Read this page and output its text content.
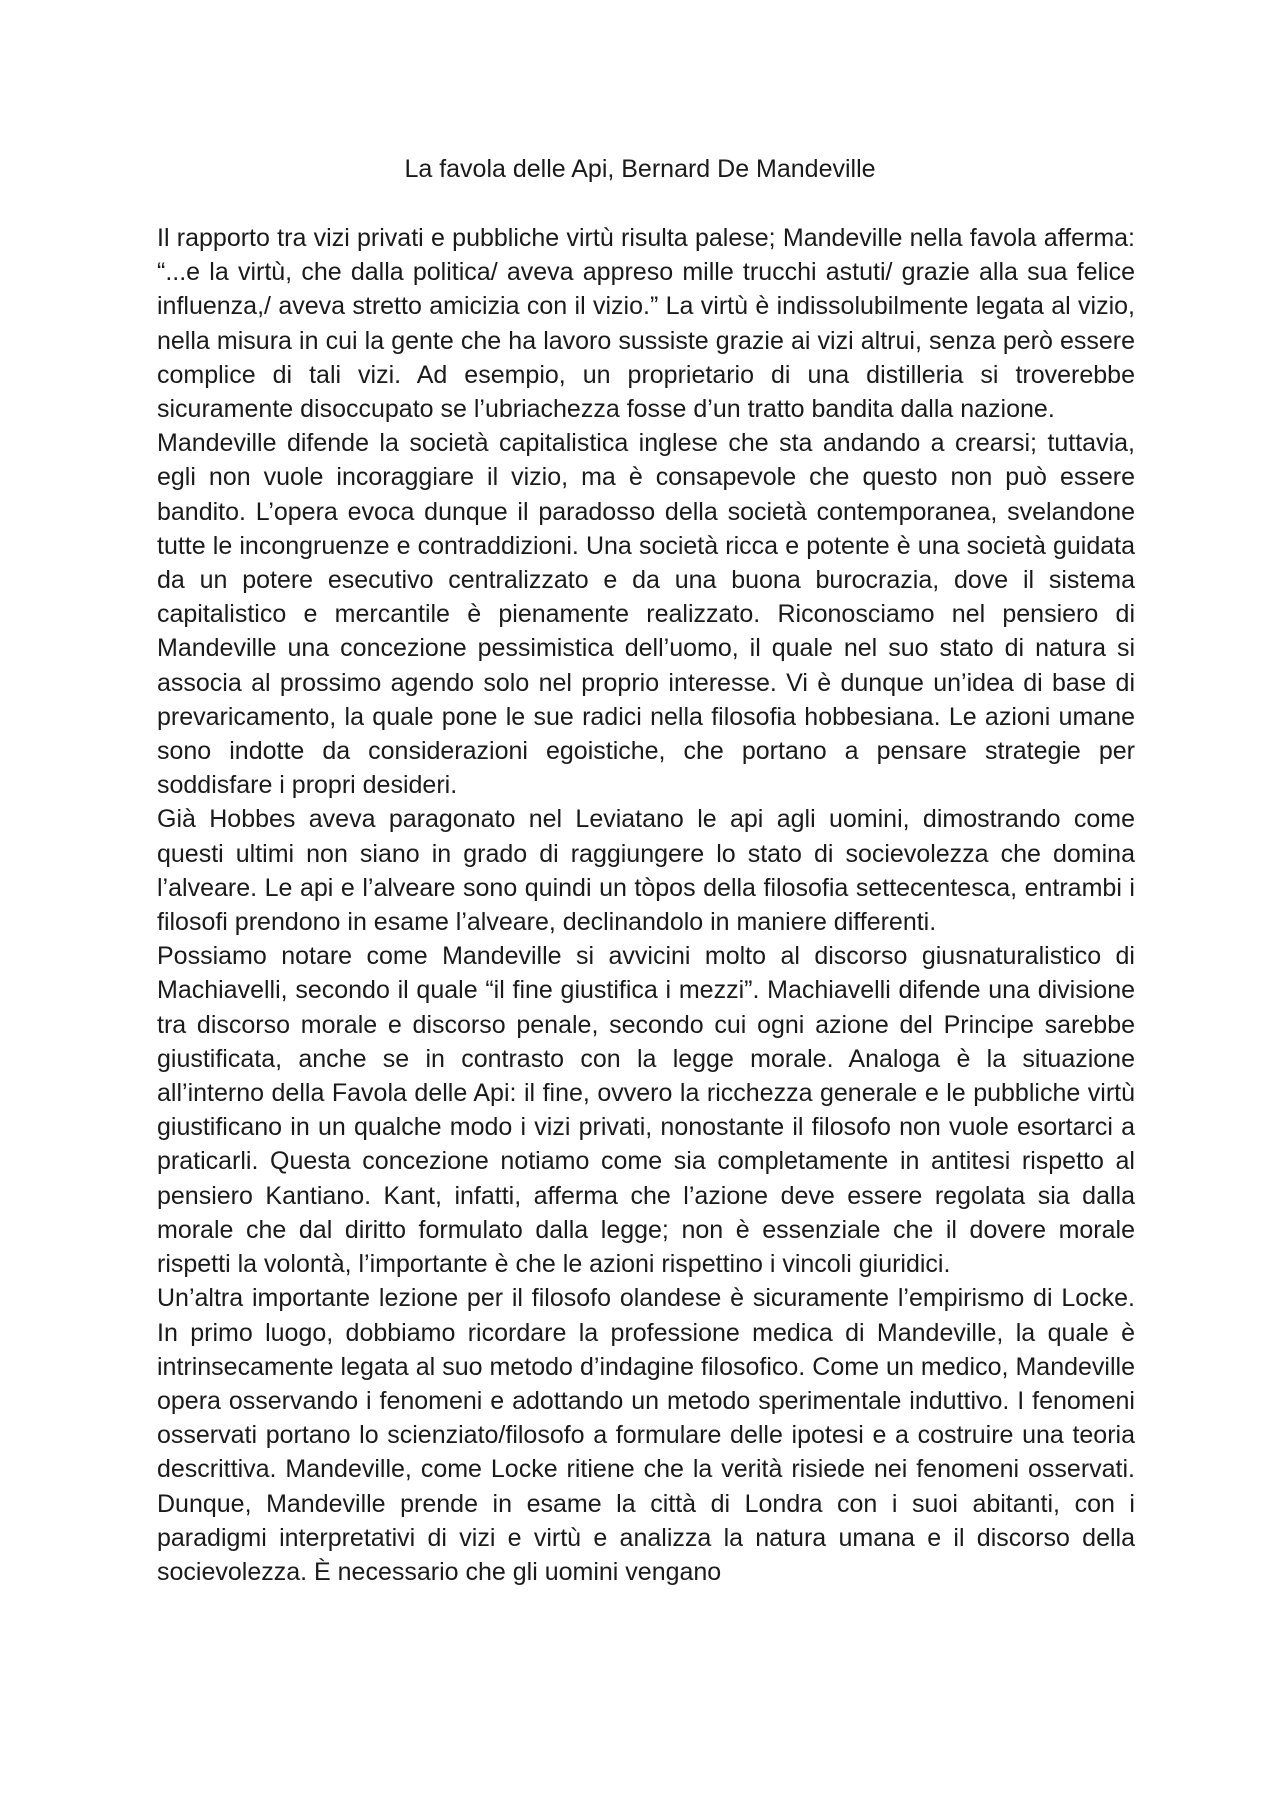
La favola delle Api, Bernard De Mandeville

Il rapporto tra vizi privati e pubbliche virtù risulta palese; Mandeville nella favola afferma: “...e la virtù, che dalla politica/ aveva appreso mille trucchi astuti/ grazie alla sua felice influenza,/ aveva stretto amicizia con il vizio.” La virtù è indissolubilmente legata al vizio, nella misura in cui la gente che ha lavoro sussiste grazie ai vizi altrui, senza però essere complice di tali vizi. Ad esempio, un proprietario di una distilleria si troverebbe sicuramente disoccupato se l’ubriachezza fosse d’un tratto bandita dalla nazione.

Mandeville difende la società capitalistica inglese che sta andando a crearsi; tuttavia, egli non vuole incoraggiare il vizio, ma è consapevole che questo non può essere bandito. L’opera evoca dunque il paradosso della società contemporanea, svelandone tutte le incongruenze e contraddizioni. Una società ricca e potente è una società guidata da un potere esecutivo centralizzato e da una buona burocrazia, dove il sistema capitalistico e mercantile è pienamente realizzato. Riconosciamo nel pensiero di Mandeville una concezione pessimistica dell’uomo, il quale nel suo stato di natura si associa al prossimo agendo solo nel proprio interesse. Vi è dunque un’idea di base di prevaricamento, la quale pone le sue radici nella filosofia hobbesiana. Le azioni umane sono indotte da considerazioni egoistiche, che portano a pensare strategie per soddisfare i propri desideri.

Già Hobbes aveva paragonato nel Leviatano le api agli uomini, dimostrando come questi ultimi non siano in grado di raggiungere lo stato di socievolezza che domina l’alveare. Le api e l’alveare sono quindi un tòpos della filosofia settecentesca, entrambi i filosofi prendono in esame l’alveare, declinandolo in maniere differenti.

Possiamo notare come Mandeville si avvicini molto al discorso giusnaturalistico di Machiavelli, secondo il quale “il fine giustifica i mezzi”. Machiavelli difende una divisione tra discorso morale e discorso penale, secondo cui ogni azione del Principe sarebbe giustificata, anche se in contrasto con la legge morale. Analoga è la situazione all’interno della Favola delle Api: il fine, ovvero la ricchezza generale e le pubbliche virtù giustificano in un qualche modo i vizi privati, nonostante il filosofo non vuole esortarci a praticarli. Questa concezione notiamo come sia completamente in antitesi rispetto al pensiero Kantiano. Kant, infatti, afferma che l’azione deve essere regolata sia dalla morale che dal diritto formulato dalla legge; non è essenziale che il dovere morale rispetti la volontà, l’importante è che le azioni rispettino i vincoli giuridici.

Un’altra importante lezione per il filosofo olandese è sicuramente l’empirismo di Locke. In primo luogo, dobbiamo ricordare la professione medica di Mandeville, la quale è intrinsecamente legata al suo metodo d’indagine filosofico. Come un medico, Mandeville opera osservando i fenomeni e adottando un metodo sperimentale induttivo. I fenomeni osservati portano lo scienziato/filosofo a formulare delle ipotesi e a costruire una teoria descrittiva. Mandeville, come Locke ritiene che la verità risiede nei fenomeni osservati. Dunque, Mandeville prende in esame la città di Londra con i suoi abitanti, con i paradigmi interpretativi di vizi e virtù e analizza la natura umana e il discorso della socievolezza. È necessario che gli uomini vengano
